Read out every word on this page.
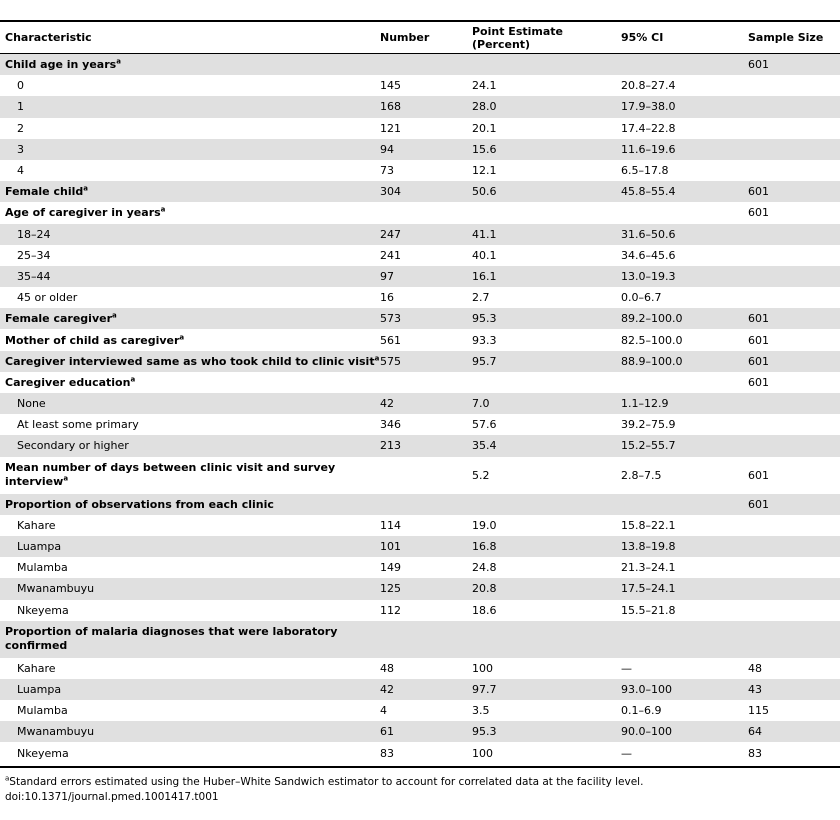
Characteristic	Number	Point Estimate (Percent)	95% CI	Sample Size
Child age in years$^a$				601
0	145	24.1	20.8–27.4	
1	168	28.0	17.9–38.0	
2	121	20.1	17.4–22.8	
3	94	15.6	11.6–19.6	
4	73	12.1	6.5–17.8	
Female child$^a$	304	50.6	45.8–55.4	601
Age of caregiver in years$^a$				601
18–24	247	41.1	31.6–50.6	
25–34	241	40.1	34.6–45.6	
35–44	97	16.1	13.0–19.3	
45 or older	16	2.7	0.0–6.7	
Female caregiver$^a$	573	95.3	89.2–100.0	601
Mother of child as caregiver$^a$	561	93.3	82.5–100.0	601
Caregiver interviewed same as who took child to clinic visit$^a$	575	95.7	88.9–100.0	601
Caregiver education$^a$				601
None	42	7.0	1.1–12.9	
At least some primary	346	57.6	39.2–75.9	
Secondary or higher	213	35.4	15.2–55.7	
Mean number of days between clinic visit and survey interview$^a$		5.2	2.8–7.5	601
Proportion of observations from each clinic				601
Kahare	114	19.0	15.8–22.1	
Luampa	101	16.8	13.8–19.8	
Mulamba	149	24.8	21.3–24.1	
Mwanambuyu	125	20.8	17.5–24.1	
Nkeyema	112	18.6	15.5–21.8	
Proportion of malaria diagnoses that were laboratory confirmed				
Kahare	48	100	—	48
Luampa	42	97.7	93.0–100	43
Mulamba	4	3.5	0.1–6.9	115
Mwanambuyu	61	95.3	90.0–100	64
Nkeyema	83	100	—	83
$^a$Standard errors estimated using the Huber–White Sandwich estimator to account for correlated data at the facility level.
doi:10.1371/journal.pmed.1001417.t001
